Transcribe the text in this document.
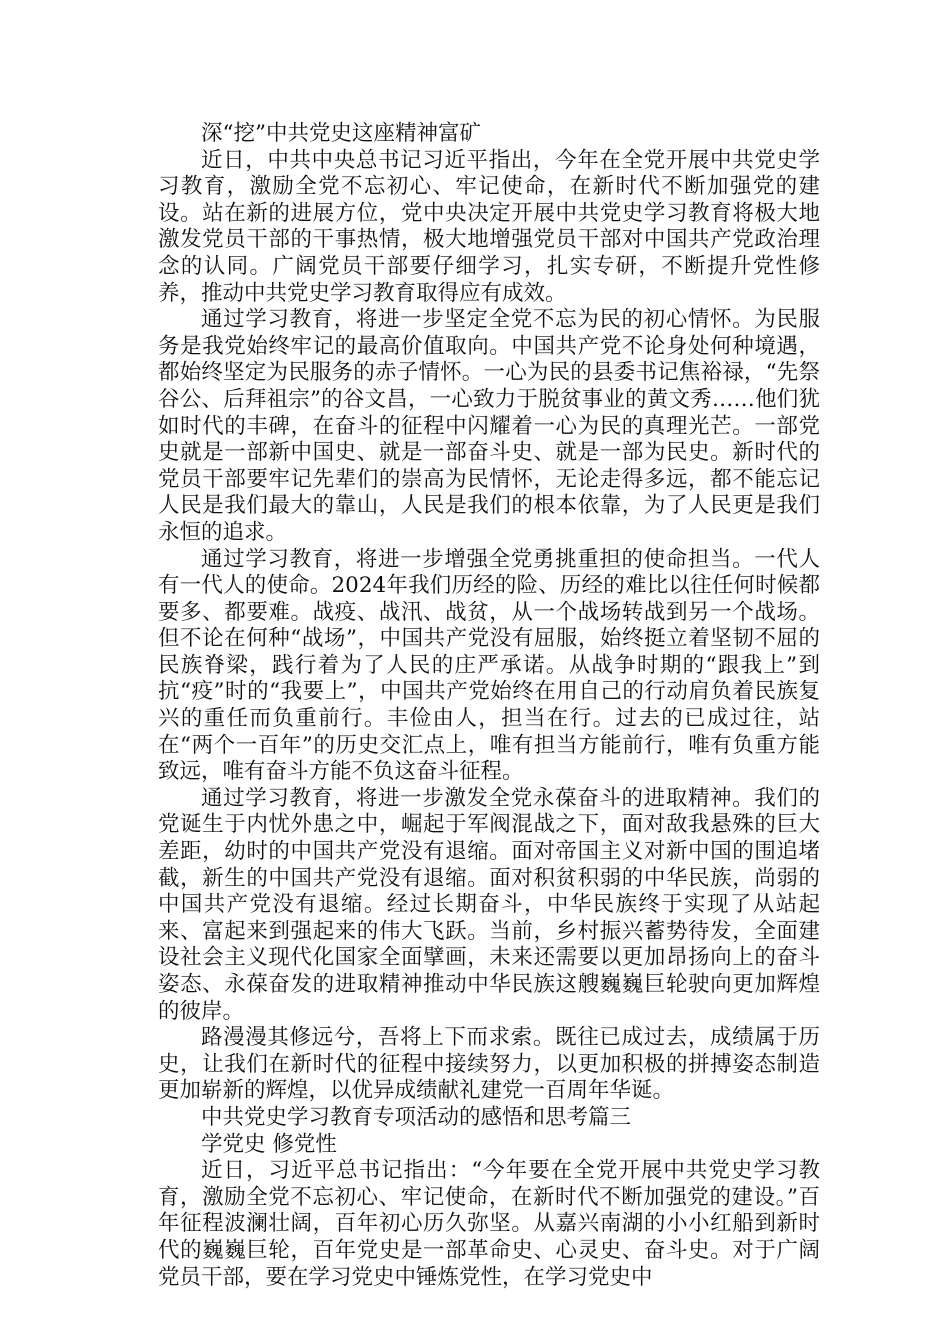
深“挖”中共党史这座精神富矿

近日，中共中央总书记习近平指出，今年在全党开展中共党史学习教育，激励全党不忘初心、牢记使命，在新时代不断加强党的建设。站在新的进展方位，党中央决定开展中共党史学习教育将极大地激发党员干部的干事热情，极大地增强党员干部对中国共产党政治理念的认同。广阔党员干部要仔细学习，扎实专研，不断提升党性修养，推动中共党史学习教育取得应有成效。

通过学习教育，将进一步坚定全党不忘为民的初心情怀。为民服务是我党始终牢记的最高价值取向。中国共产党不论身处何种境遇，都始终坚定为民服务的赤子情怀。一心为民的县委书记焦裕禄，“先祭谷公、后拜祖宗”的谷文昌，一心致力于脱贫事业的黄文秀……他们犹如时代的丰碑，在奋斗的征程中闪耀着一心为民的真理光芒。一部党史就是一部新中国史、就是一部奋斗史、就是一部为民史。新时代的党员干部要牢记先辈们的崇高为民情怀，无论走得多远，都不能忘记人民是我们最大的靠山，人民是我们的根本依靠，为了人民更是我们永恒的追求。

通过学习教育，将进一步增强全党勇挑重担的使命担当。一代人有一代人的使命。2024年我们历经的险、历经的难比以往任何时候都要多、都要难。战疫、战汛、战贫，从一个战场转战到另一个战场。但不论在何种“战场”，中国共产党没有屈服，始终挺立着坚韧不屈的民族脊梁，践行着为了人民的庄严承诺。从战争时期的“跟我上”到抗“疫”时的“我要上”，中国共产党始终在用自己的行动肩负着民族复兴的重任而负重前行。丰俭由人，担当在行。过去的已成过往，站在“两个一百年”的历史交汇点上，唯有担当方能前行，唯有负重方能致远，唯有奋斗方能不负这奋斗征程。

通过学习教育，将进一步激发全党永葆奋斗的进取精神。我们的党诞生于内忧外患之中，崛起于军阀混战之下，面对敌我悬殊的巨大差距，幼时的中国共产党没有退缩。面对帝国主义对新中国的围追堵截，新生的中国共产党没有退缩。面对积贫积弱的中华民族，尚弱的中国共产党没有退缩。经过长期奋斗，中华民族终于实现了从站起来、富起来到强起来的伟大飞跃。当前，乡村振兴蓄势待发，全面建设社会主义现代化国家全面擘画，未来还需要以更加昂扬向上的奋斗姿态、永葆奋发的进取精神推动中华民族这艘巍巍巨轮驶向更加辉煌的彼岸。

路漫漫其修远兮，吾将上下而求索。既往已成过去，成绩属于历史，让我们在新时代的征程中接续努力，以更加积极的拼搏姿态制造更加崭新的辉煌，以优异成绩献礼建党一百周年华诞。

中共党史学习教育专项活动的感悟和思考篇三

学党史 修党性

近日，习近平总书记指出：“今年要在全党开展中共党史学习教育，激励全党不忘初心、牢记使命，在新时代不断加强党的建设。”百年征程波澜壮阔，百年初心历久弥坚。从嘉兴南湖的小小红船到新时代的巍巍巨轮，百年党史是一部革命史、心灵史、奋斗史。对于广阔党员干部，要在学习党史中锤炼党性，在学习党史中
